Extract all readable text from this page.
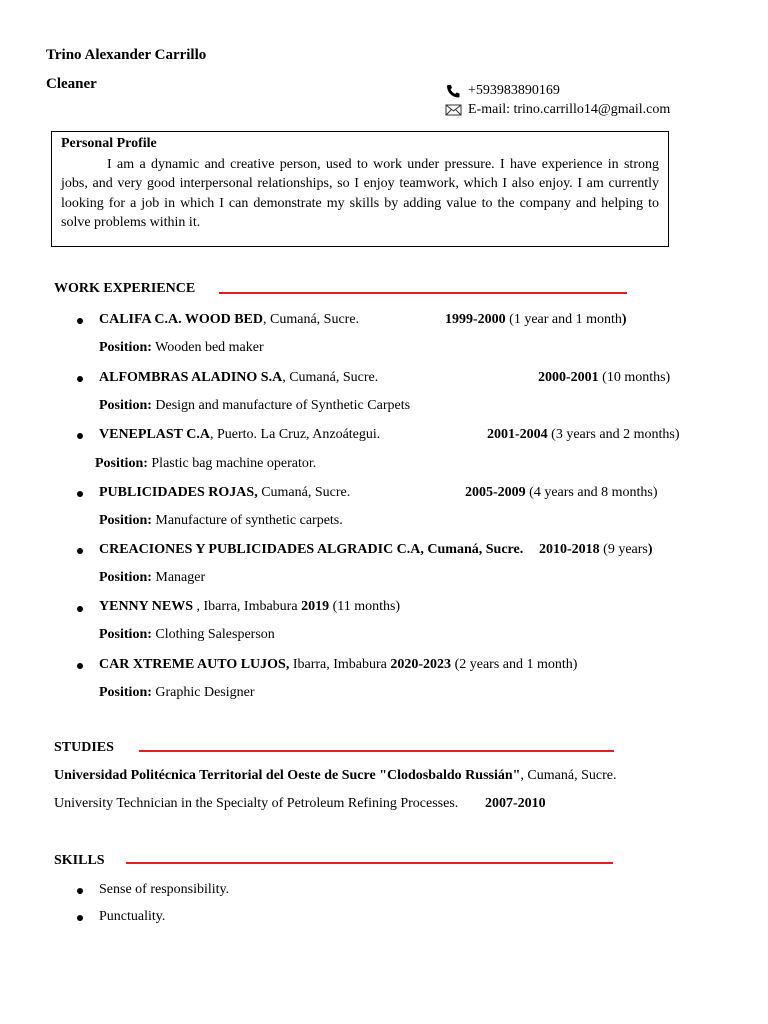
Trino Alexander Carrillo
Cleaner	+593983890169
E-mail: trino.carrillo14@gmail.com
Personal Profile
I am a dynamic and creative person, used to work under pressure. I have experience in strong jobs, and very good interpersonal relationships, so I enjoy teamwork, which I also enjoy. I am currently looking for a job in which I can demonstrate my skills by adding value to the company and helping to solve problems within it.
WORK EXPERIENCE
CALIFA C.A. WOOD BED, Cumaná, Sucre.	1999-2000 (1 year and 1 month)
Position: Wooden bed maker
ALFOMBRAS ALADINO S.A, Cumaná, Sucre.	2000-2001 (10 months)
Position: Design and manufacture of Synthetic Carpets
VENEPLAST C.A, Puerto. La Cruz, Anzoátegui.	2001-2004 (3 years and 2 months)
Position: Plastic bag machine operator.
PUBLICIDADES ROJAS, Cumaná, Sucre.	2005-2009 (4 years and 8 months)
Position: Manufacture of synthetic carpets.
CREACIONES Y PUBLICIDADES ALGRADIC C.A, Cumaná, Sucre. 2010-2018 (9 years)
Position: Manager
YENNY NEWS , Ibarra, Imbabura 2019 (11 months)
Position: Clothing Salesperson
CAR XTREME AUTO LUJOS, Ibarra, Imbabura 2020-2023 (2 years and 1 month)
Position: Graphic Designer
STUDIES
Universidad Politécnica Territorial del Oeste de Sucre "Clodosbaldo Russián", Cumaná, Sucre.
University Technician in the Specialty of Petroleum Refining Processes. 2007-2010
SKILLS
Sense of responsibility.
Punctuality.
